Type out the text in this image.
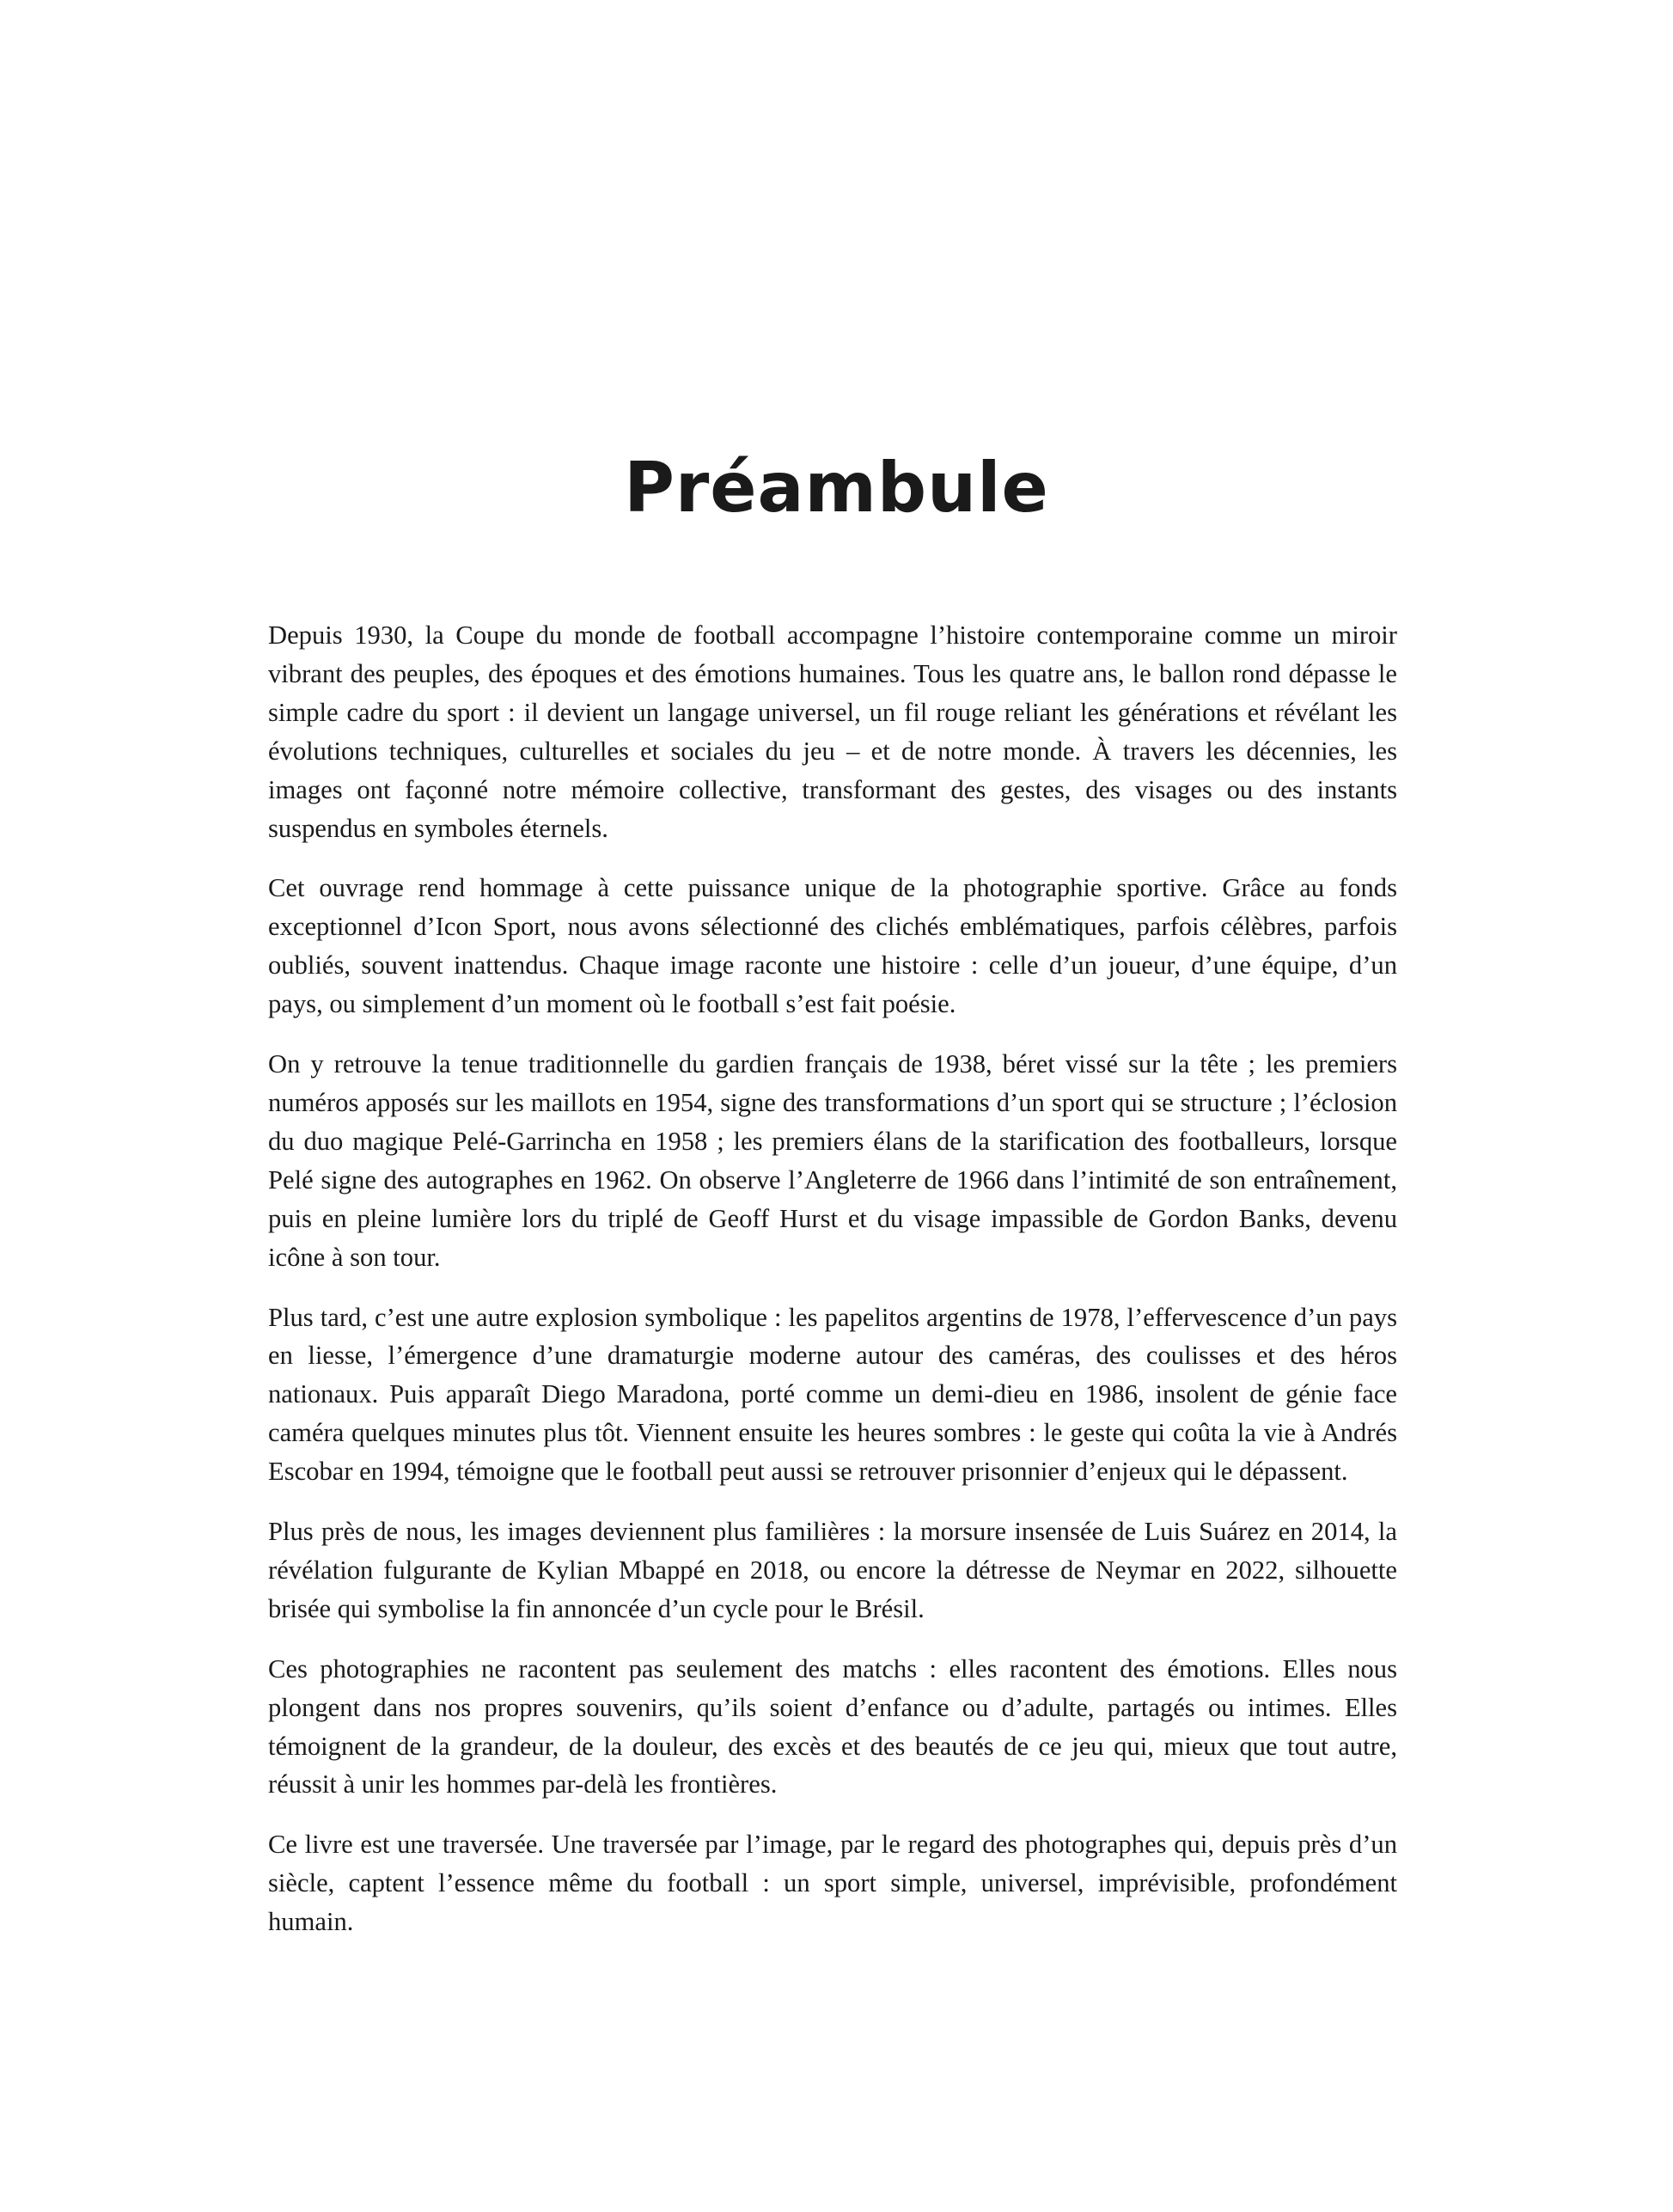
Préambule

Depuis 1930, la Coupe du monde de football accompagne l’histoire contemporaine comme un miroir vibrant des peuples, des époques et des émotions humaines. Tous les quatre ans, le ballon rond dépasse le simple cadre du sport : il devient un langage universel, un fil rouge reliant les générations et révélant les évolutions techniques, culturelles et sociales du jeu – et de notre monde. À travers les décennies, les images ont façonné notre mémoire collective, transformant des gestes, des visages ou des instants suspendus en symboles éternels.

Cet ouvrage rend hommage à cette puissance unique de la photographie sportive. Grâce au fonds exceptionnel d’Icon Sport, nous avons sélectionné des clichés emblématiques, parfois célèbres, parfois oubliés, souvent inattendus. Chaque image raconte une histoire : celle d’un joueur, d’une équipe, d’un pays, ou simplement d’un moment où le football s’est fait poésie.

On y retrouve la tenue traditionnelle du gardien français de 1938, béret vissé sur la tête ; les premiers numéros apposés sur les maillots en 1954, signe des transformations d’un sport qui se structure ; l’éclosion du duo magique Pelé-Garrincha en 1958 ; les premiers élans de la starification des footballeurs, lorsque Pelé signe des autographes en 1962. On observe l’Angleterre de 1966 dans l’intimité de son entraînement, puis en pleine lumière lors du triplé de Geoff Hurst et du visage impassible de Gordon Banks, devenu icône à son tour.

Plus tard, c’est une autre explosion symbolique : les papelitos argentins de 1978, l’effervescence d’un pays en liesse, l’émergence d’une dramaturgie moderne autour des caméras, des coulisses et des héros nationaux. Puis apparaît Diego Maradona, porté comme un demi-dieu en 1986, insolent de génie face caméra quelques minutes plus tôt. Viennent ensuite les heures sombres : le geste qui coûta la vie à Andrés Escobar en 1994, témoigne que le football peut aussi se retrouver prisonnier d’enjeux qui le dépassent.

Plus près de nous, les images deviennent plus familières : la morsure insensée de Luis Suárez en 2014, la révélation fulgurante de Kylian Mbappé en 2018, ou encore la détresse de Neymar en 2022, silhouette brisée qui symbolise la fin annoncée d’un cycle pour le Brésil.

Ces photographies ne racontent pas seulement des matchs : elles racontent des émotions. Elles nous plongent dans nos propres souvenirs, qu’ils soient d’enfance ou d’adulte, partagés ou intimes. Elles témoignent de la grandeur, de la douleur, des excès et des beautés de ce jeu qui, mieux que tout autre, réussit à unir les hommes par-delà les frontières.

Ce livre est une traversée. Une traversée par l’image, par le regard des photographes qui, depuis près d’un siècle, captent l’essence même du football : un sport simple, universel, imprévisible, profondément humain.
